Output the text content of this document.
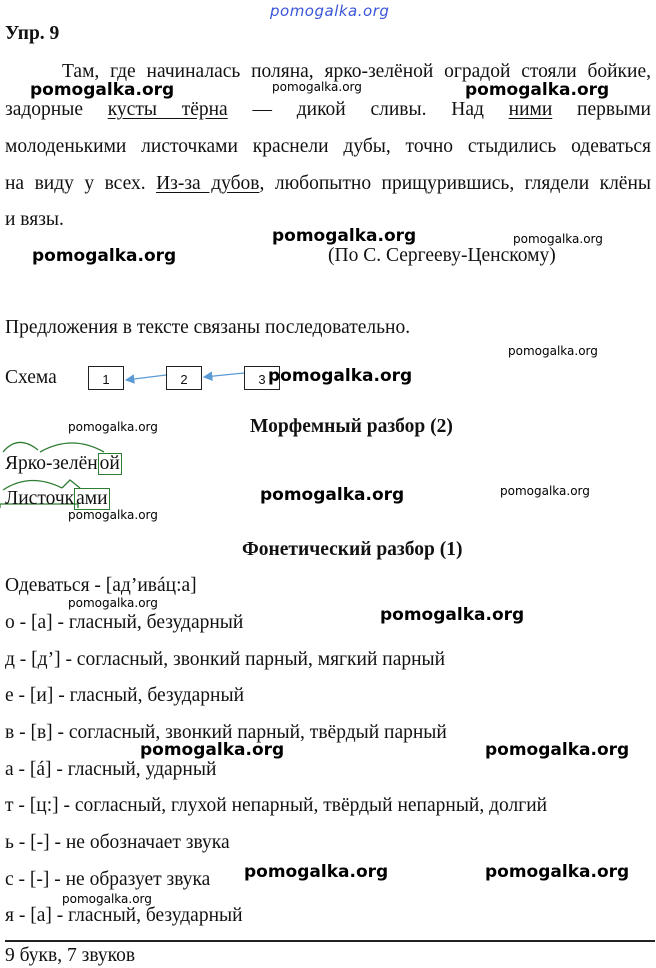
pomogalka.org
Упр. 9
Там, где начиналась поляна, ярко-зелёной оградой стояли бойкие,
задорные кусты тёрна — дикой сливы. Над ними первыми
молоденькими листочками краснели дубы, точно стыдились одеваться
на виду у всех. Из-за дубов, любопытно прищурившись, глядели клёны
и вязы.
(По С. Сергееву-Ценскому)
Предложения в тексте связаны последовательно.
Схема	1	2	3
Морфемный разбор (2)
Ярко-зелён ой
Листочк ами
Фонетический разбор (1)
Одеваться - [ад’ивáц:а]
о - [а] - гласный, безударный
д - [д’] - согласный, звонкий парный, мягкий парный
е - [и] - гласный, безударный
в - [в] - согласный, звонкий парный, твёрдый парный
а - [á] - гласный, ударный
т - [ц:] - согласный, глухой непарный, твёрдый непарный, долгий
ь - [-] - не обозначает звука
с - [-] - не образует звука
я - [а] - гласный, безударный
9 букв, 7 звуков
pomogalka.org
pomogalka.org	pomogalka.org
pomogalka.org	pomogalka.org
pomogalka.org
pomogalka.org
pomogalka.org
pomogalka.org
pomogalka.org	pomogalka.org
pomogalka.org
pomogalka.org
pomogalka.org
pomogalka.org	pomogalka.org
pomogalka.org	pomogalka.org
pomogalka.org
